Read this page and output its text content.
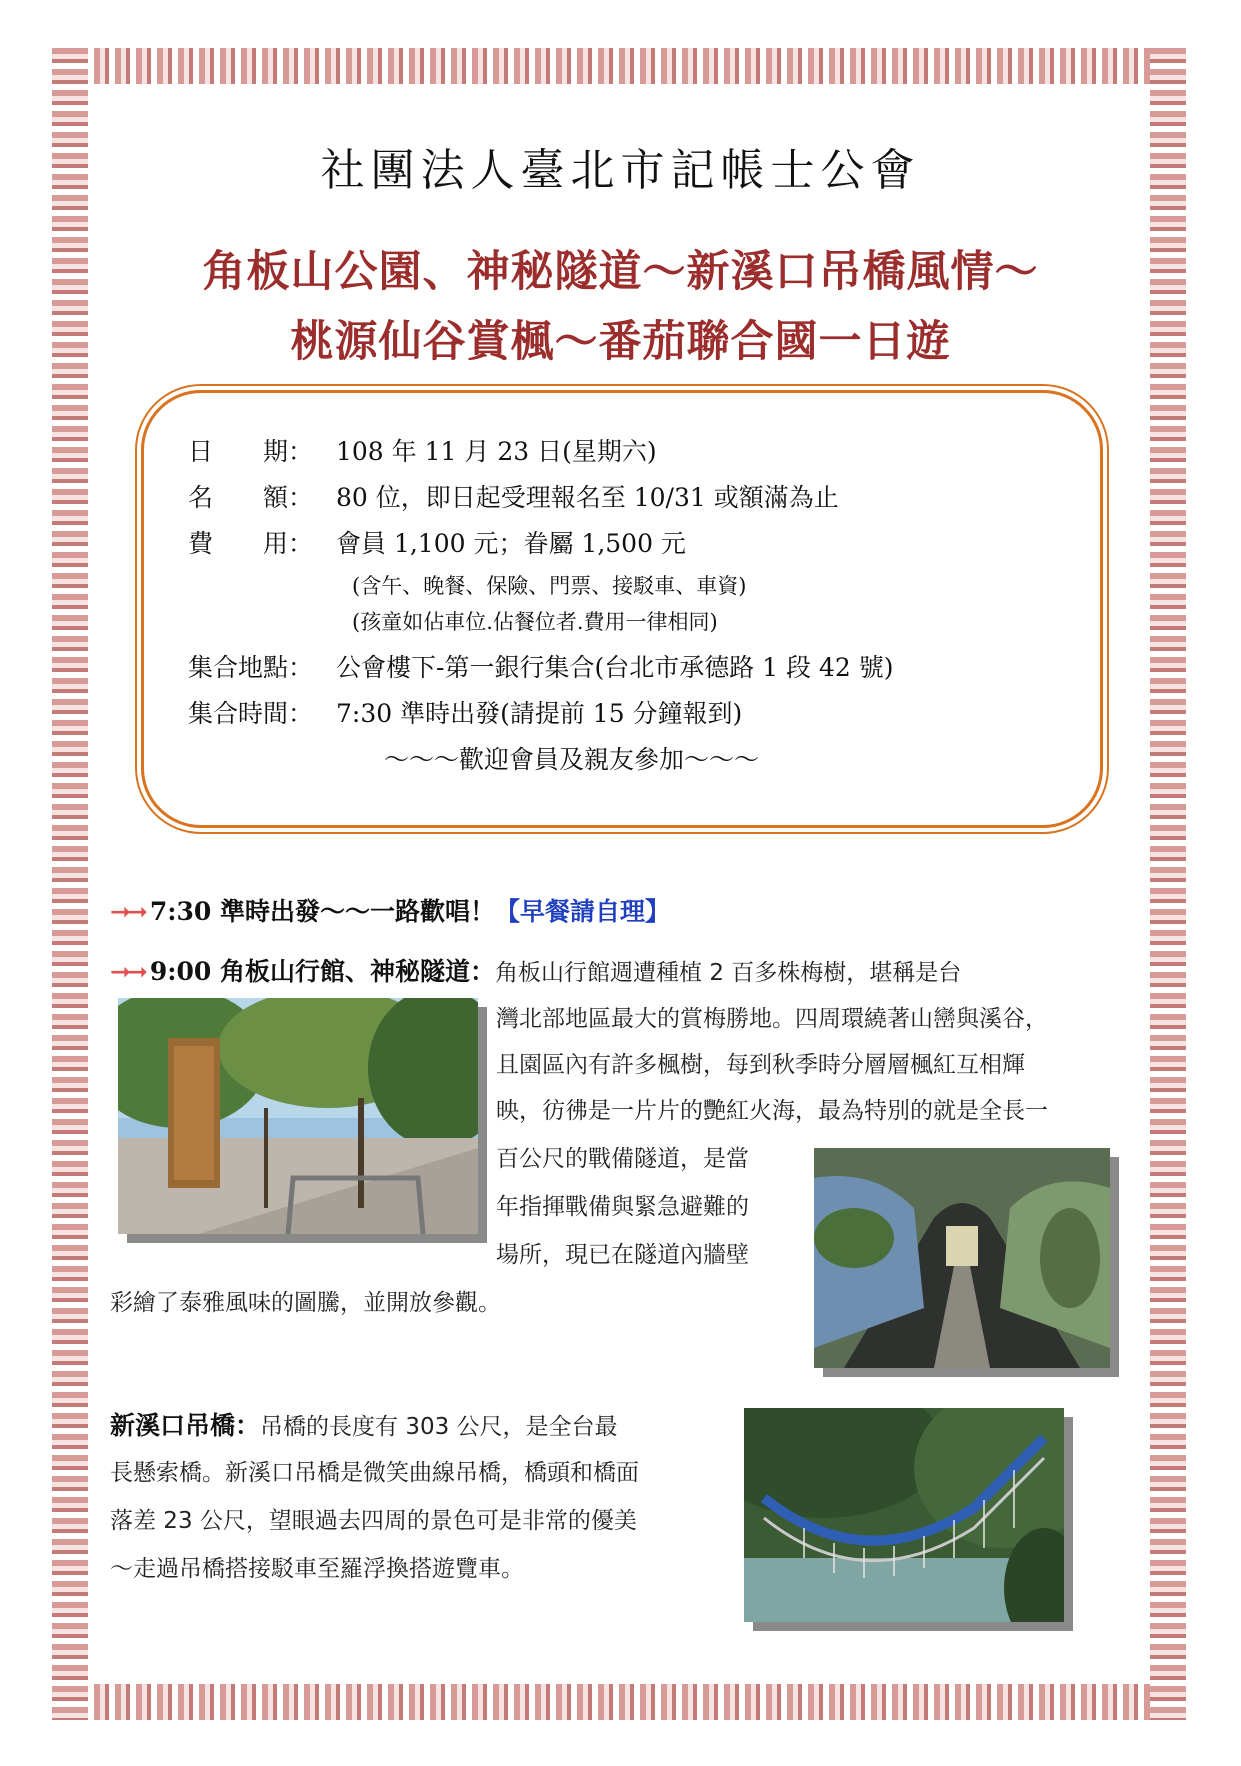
社團法人臺北市記帳士公會
角板山公園、神秘隧道～新溪口吊橋風情～
桃源仙谷賞楓～番茄聯合國一日遊
日　　期： 108 年 11 月 23 日(星期六)
名　　額： 80 位，即日起受理報名至 10/31 或額滿為止
費　　用： 會員 1,100 元；眷屬 1,500 元
(含午、晚餐、保險、門票、接駁車、車資)
(孩童如佔車位.佔餐位者.費用一律相同)
集合地點： 公會樓下-第一銀行集合(台北市承德路 1 段 42 號)
集合時間： 7:30 準時出發(請提前 15 分鐘報到)
～～～歡迎會員及親友參加～～～
➞➞ 7:30 準時出發～～一路歡唱！【早餐請自理】
➞➞ 9:00 角板山行館、神秘隧道：角板山行館週遭種植 2 百多株梅樹，堪稱是台
灣北部地區最大的賞梅勝地。四周環繞著山巒與溪谷，
且園區內有許多楓樹，每到秋季時分層層楓紅互相輝
映，彷彿是一片片的艷紅火海，最為特別的就是全長一
百公尺的戰備隧道，是當
年指揮戰備與緊急避難的
場所，現已在隧道內牆壁
彩繪了泰雅風味的圖騰，並開放參觀。
新溪口吊橋：吊橋的長度有 303 公尺，是全台最
長懸索橋。新溪口吊橋是微笑曲線吊橋，橋頭和橋面
落差 23 公尺，望眼過去四周的景色可是非常的優美
～走過吊橋搭接駁車至羅浮換搭遊覽車。
